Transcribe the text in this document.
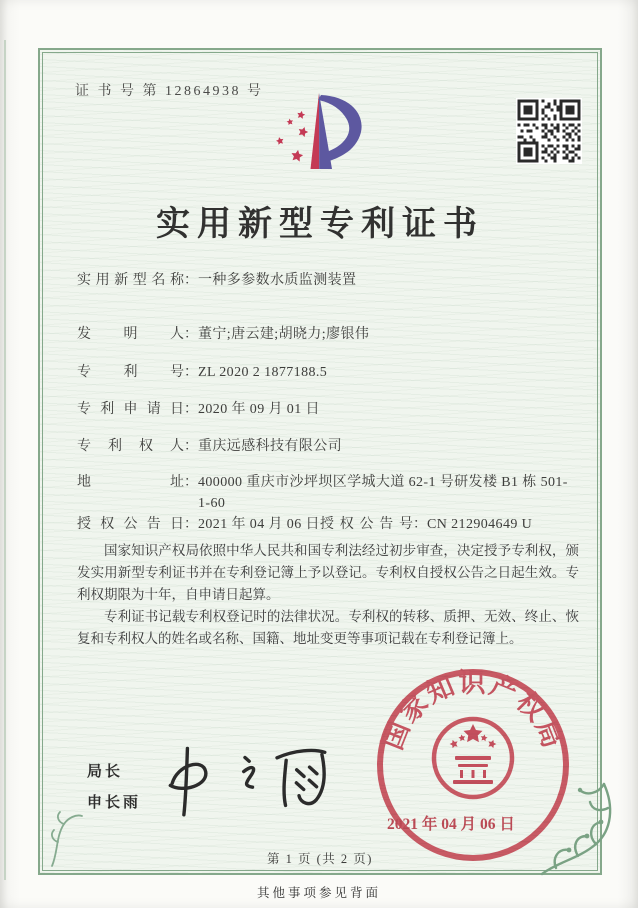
证 书 号 第 12864938 号
实用新型专利证书
实用新型名称：一种多参数水质监测装置
发明人：董宁;唐云建;胡晓力;廖银伟
专利号：ZL 2020 2 1877188.5
专利申请日：2020 年 09 月 01 日
专利权人：重庆远感科技有限公司
地址：400000 重庆市沙坪坝区学城大道 62-1 号研发楼 B1 栋 501-1-60
授权公告日：2021 年 04 月 06 日 授权公告号：CN 212904649 U

国家知识产权局依照中华人民共和国专利法经过初步审查，决定授予专利权，颁发实用新型专利证书并在专利登记簿上予以登记。专利权自授权公告之日起生效。专利权期限为十年，自申请日起算。

专利证书记载专利权登记时的法律状况。专利权的转移、质押、无效、终止、恢复和专利权人的姓名或名称、国籍、地址变更等事项记载在专利登记簿上。

局长
申长雨
国家知识产权局
2021 年 04 月 06 日
第 1 页 (共 2 页)
其他事项参见背面
